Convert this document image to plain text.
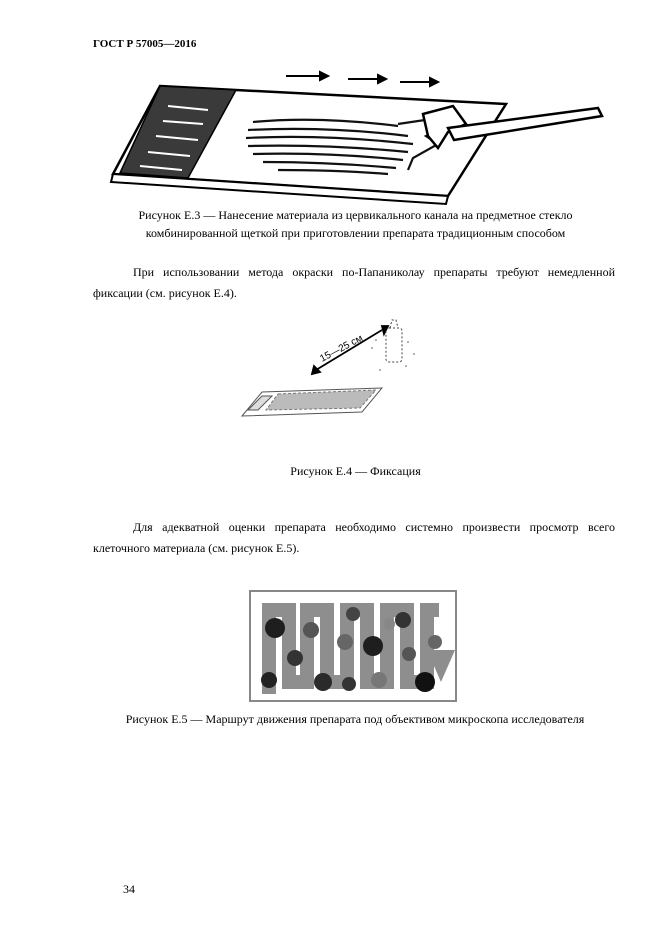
ГОСТ Р 57005—2016
Рисунок Е.3 — Нанесение материала из цервикального канала на предметное стекло комбинированной щеткой при приготовлении препарата традиционным способом
При использовании метода окраски по-Папаниколау препараты требуют немедленной фиксации (см. рисунок Е.4).
15—25 см
Рисунок Е.4 — Фиксация
Для адекватной оценки препарата необходимо системно произвести просмотр всего клеточного материала (см. рисунок Е.5).
Рисунок Е.5 — Маршрут движения препарата под объективом микроскопа исследователя
34
